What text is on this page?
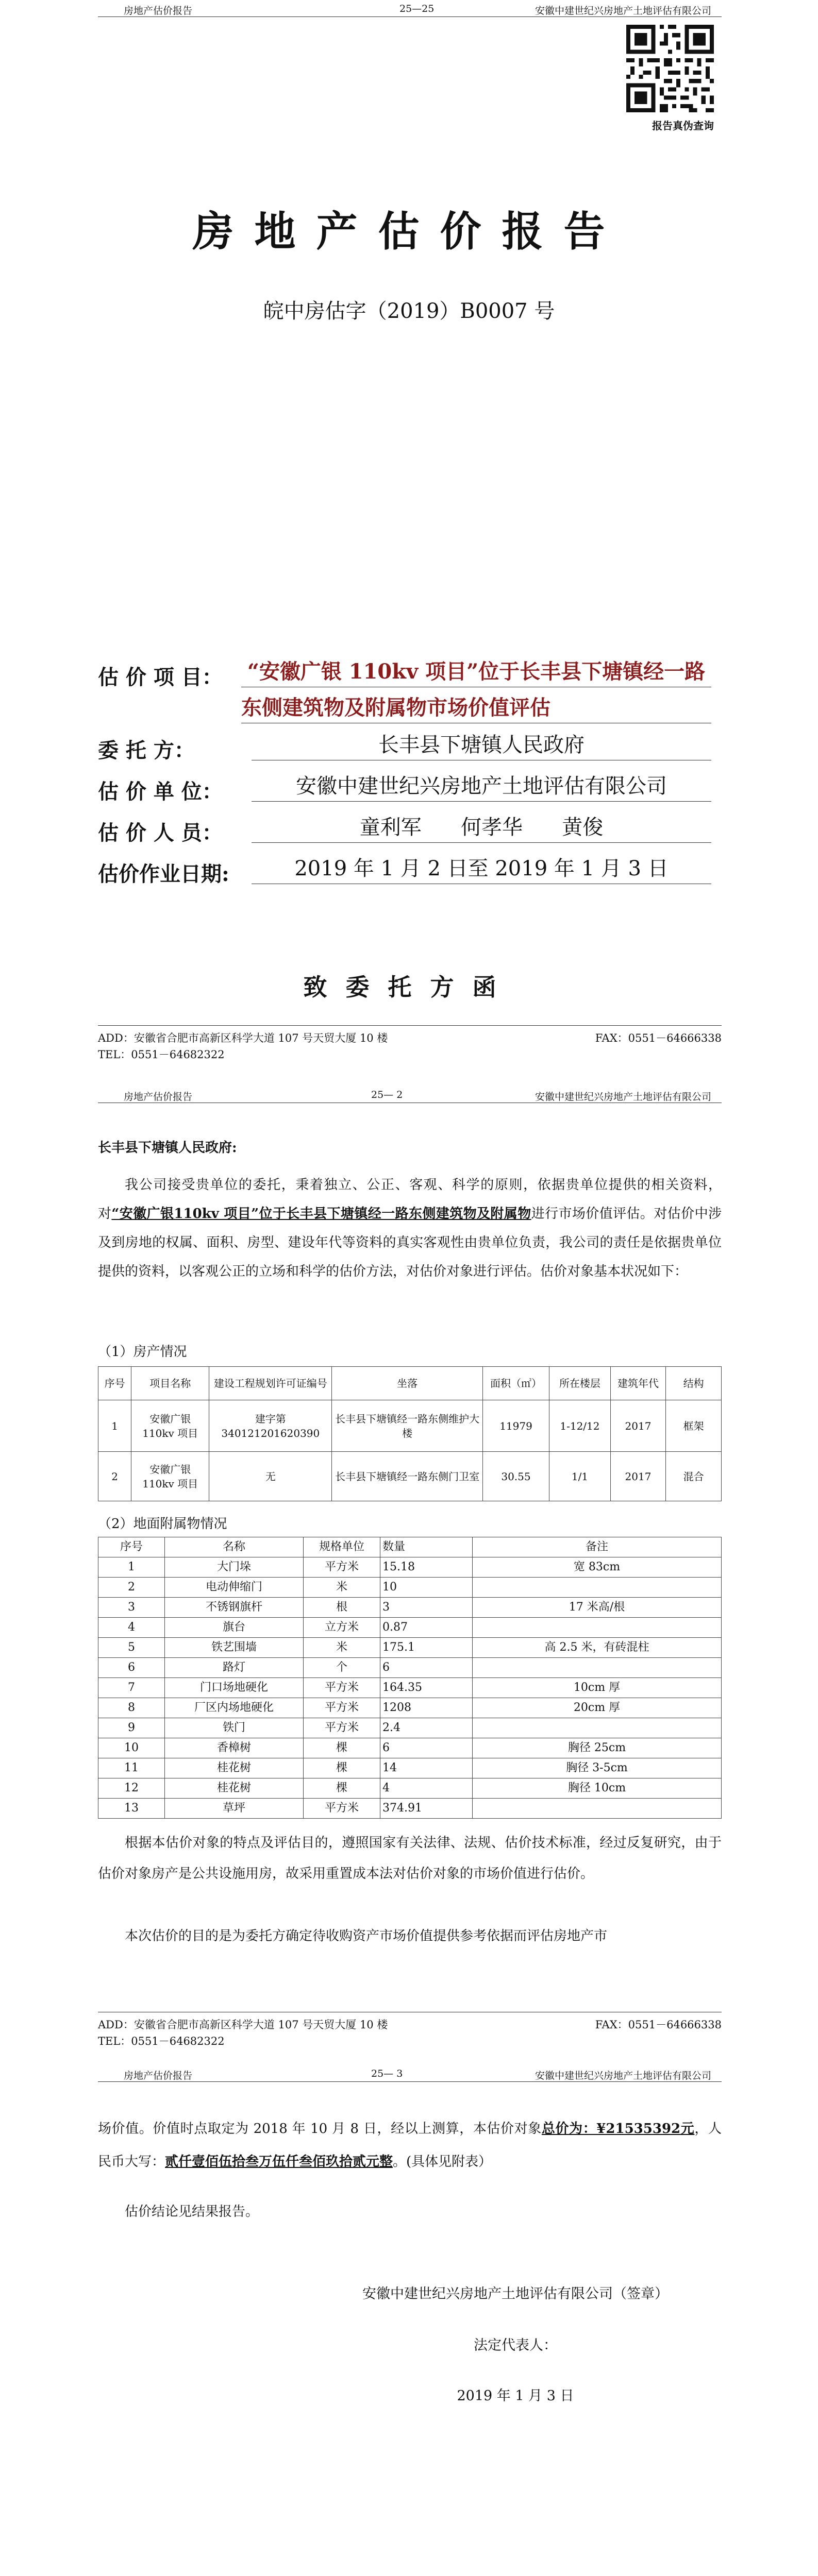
房地产估价报告	25—25	安徽中建世纪兴房地产土地评估有限公司
报告真伪查询
房地产估价报告
皖中房估字（2019）B0007 号
估 价 项 目： “安徽广银 110kv 项目”位于长丰县下塘镇经一路
东侧建筑物及附属物市场价值评估
委 托 方：	长丰县下塘镇人民政府
估 价 单 位：	安徽中建世纪兴房地产土地评估有限公司
估 价 人 员：	童利军      何孝华      黄俊
估价作业日期:	2019 年 1 月 2 日至 2019 年 1 月 3 日
致委托方函
ADD：安徽省合肥市高新区科学大道 107 号天贸大厦 10 楼	FAX：0551－64666338
TEL：0551－64682322
房地产估价报告	25— 2	安徽中建世纪兴房地产土地评估有限公司
长丰县下塘镇人民政府:
我公司接受贵单位的委托，秉着独立、公正、客观、科学的原则，依据贵单位提供的相关资料，对“安徽广银110kv 项目”位于长丰县下塘镇经一路东侧建筑物及附属物进行市场价值评估。对估价中涉及到房地的权属、面积、房型、建设年代等资料的真实客观性由贵单位负责，我公司的责任是依据贵单位提供的资料，以客观公正的立场和科学的估价方法，对估价对象进行评估。估价对象基本状况如下：
（1）房产情况
序号	项目名称	建设工程规划许可证编号	坐落	面积（㎡）	所在楼层	建筑年代	结构
1	安徽广银 110kv 项目	建字第 340121201620390	长丰县下塘镇经一路东侧维护大楼	11979	1-12/12	2017	框架
2	安徽广银 110kv 项目	无	长丰县下塘镇经一路东侧门卫室	30.55	1/1	2017	混合
（2）地面附属物情况
序号	名称	规格单位	数量	备注
1	大门垛	平方米	15.18	宽 83cm
2	电动伸缩门	米	10	
3	不锈钢旗杆	根	3	17 米高/根
4	旗台	立方米	0.87	
5	铁艺围墙	米	175.1	高 2.5 米，有砖混柱
6	路灯	个	6	
7	门口场地硬化	平方米	164.35	10cm 厚
8	厂区内场地硬化	平方米	1208	20cm 厚
9	铁门	平方米	2.4	
10	香樟树	棵	6	胸径 25cm
11	桂花树	棵	14	胸径 3-5cm
12	桂花树	棵	4	胸径 10cm
13	草坪	平方米	374.91	
根据本估价对象的特点及评估目的，遵照国家有关法律、法规、估价技术标准，经过反复研究，由于估价对象房产是公共设施用房，故采用重置成本法对估价对象的市场价值进行估价。
本次估价的目的是为委托方确定待收购资产市场价值提供参考依据而评估房地产市
ADD：安徽省合肥市高新区科学大道 107 号天贸大厦 10 楼	FAX：0551－64666338
TEL：0551－64682322
房地产估价报告	25— 3	安徽中建世纪兴房地产土地评估有限公司
场价值。价值时点取定为 2018 年 10 月 8 日，经以上测算，本估价对象总价为：¥21535392元，人民币大写：贰仟壹佰伍拾叁万伍仟叁佰玖拾贰元整。(具体见附表）
估价结论见结果报告。
安徽中建世纪兴房地产土地评估有限公司（签章）
法定代表人：
2019 年 1 月 3 日
